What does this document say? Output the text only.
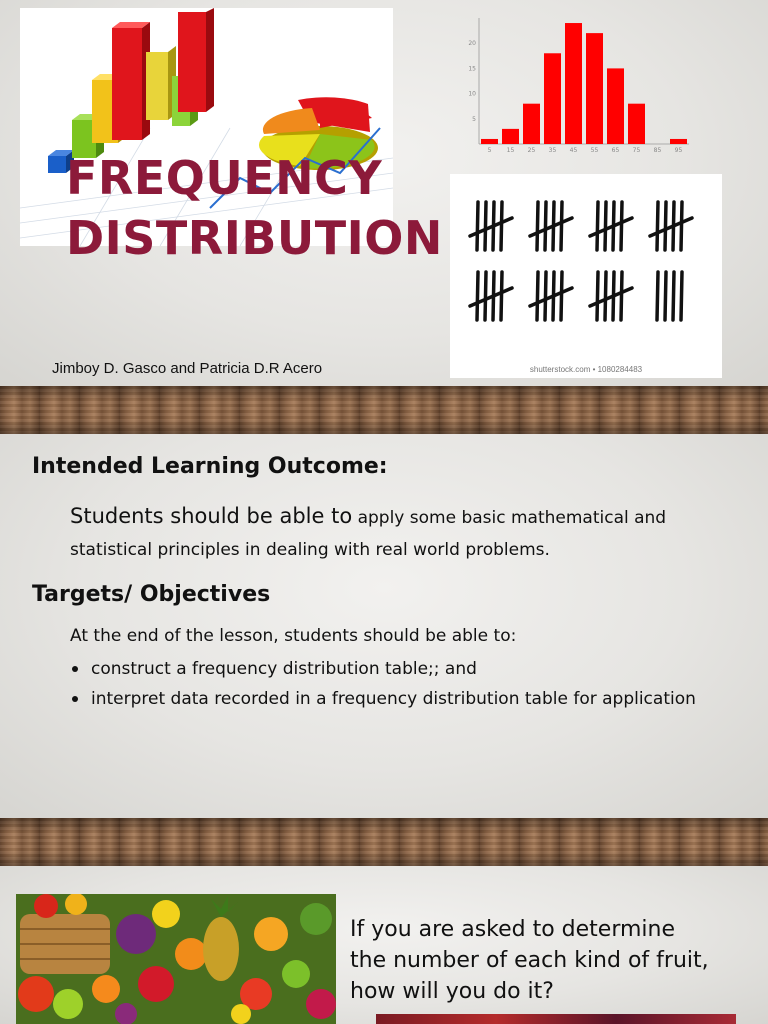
5
10
15
20
5	15 25 35 45 55 65 75 85 95
shutterstock.com • 1080284483
FREQUENCY
DISTRIBUTION
Jimboy D. Gasco and Patricia D.R Acero
Intended Learning Outcome:
Students should be able to apply some basic mathematical and statistical principles in dealing with real world problems.
Targets/ Objectives
At the end of the lesson, students should be able to:
construct a frequency distribution table;; and
interpret data recorded in a frequency distribution table for application
If you are asked to determine the number of each kind of fruit, how will you do it?
